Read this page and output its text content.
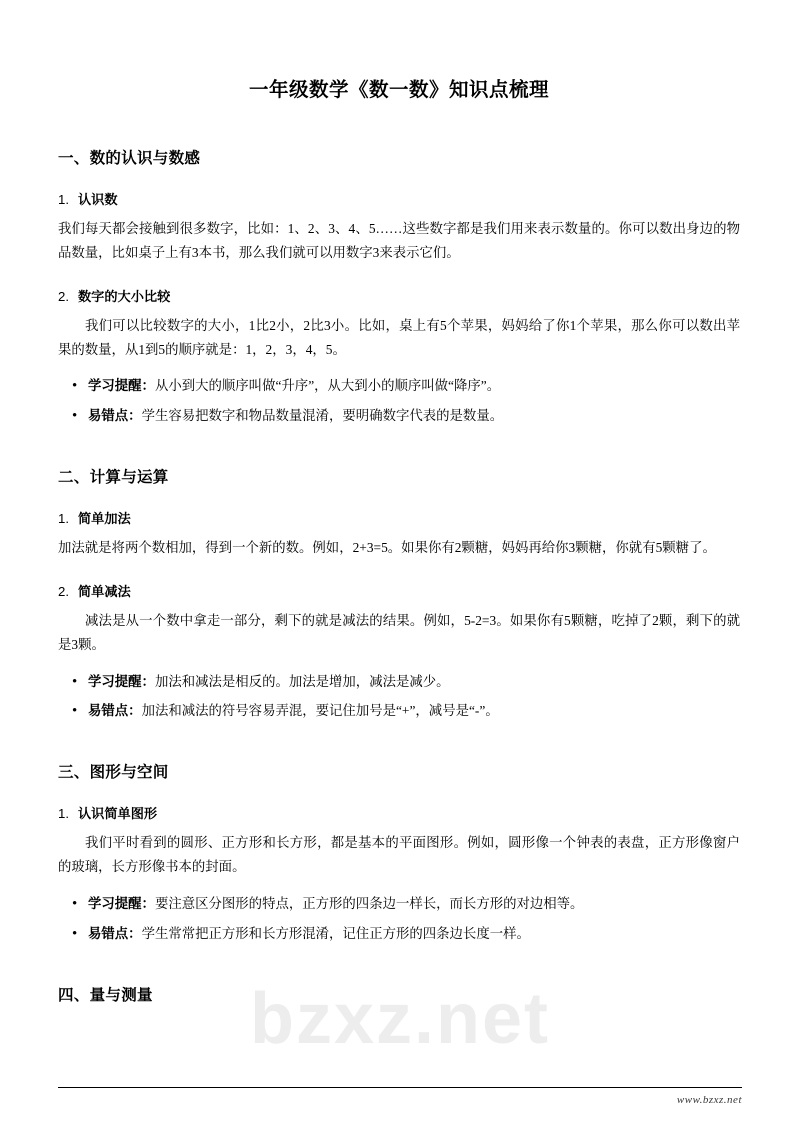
bzxz.net
一年级数学《数一数》知识点梳理
一、数的认识与数感
1. 认识数

我们每天都会接触到很多数字，比如：1、2、3、4、5……这些数字都是我们用来表示数量的。你可以数出身边的物品数量，比如桌子上有3本书，那么我们就可以用数字3来表示它们。

2. 数字的大小比较

我们可以比较数字的大小，1比2小，2比3小。比如，桌上有5个苹果，妈妈给了你1个苹果，那么你可以数出苹果的数量，从1到5的顺序就是：1，2，3，4，5。

• 学习提醒：从小到大的顺序叫做“升序”，从大到小的顺序叫做“降序”。
• 易错点：学生容易把数字和物品数量混淆，要明确数字代表的是数量。
二、计算与运算
1. 简单加法

加法就是将两个数相加，得到一个新的数。例如，2+3=5。如果你有2颗糖，妈妈再给你3颗糖，你就有5颗糖了。

2. 简单减法

减法是从一个数中拿走一部分，剩下的就是减法的结果。例如，5-2=3。如果你有5颗糖，吃掉了2颗，剩下的就是3颗。

• 学习提醒：加法和减法是相反的。加法是增加，减法是减少。
• 易错点：加法和减法的符号容易弄混，要记住加号是“+”，减号是“-”。
三、图形与空间
1. 认识简单图形

我们平时看到的圆形、正方形和长方形，都是基本的平面图形。例如，圆形像一个钟表的表盘，正方形像窗户的玻璃，长方形像书本的封面。

• 学习提醒：要注意区分图形的特点，正方形的四条边一样长，而长方形的对边相等。
• 易错点：学生常常把正方形和长方形混淆，记住正方形的四条边长度一样。
四、量与测量
www.bzxz.net
